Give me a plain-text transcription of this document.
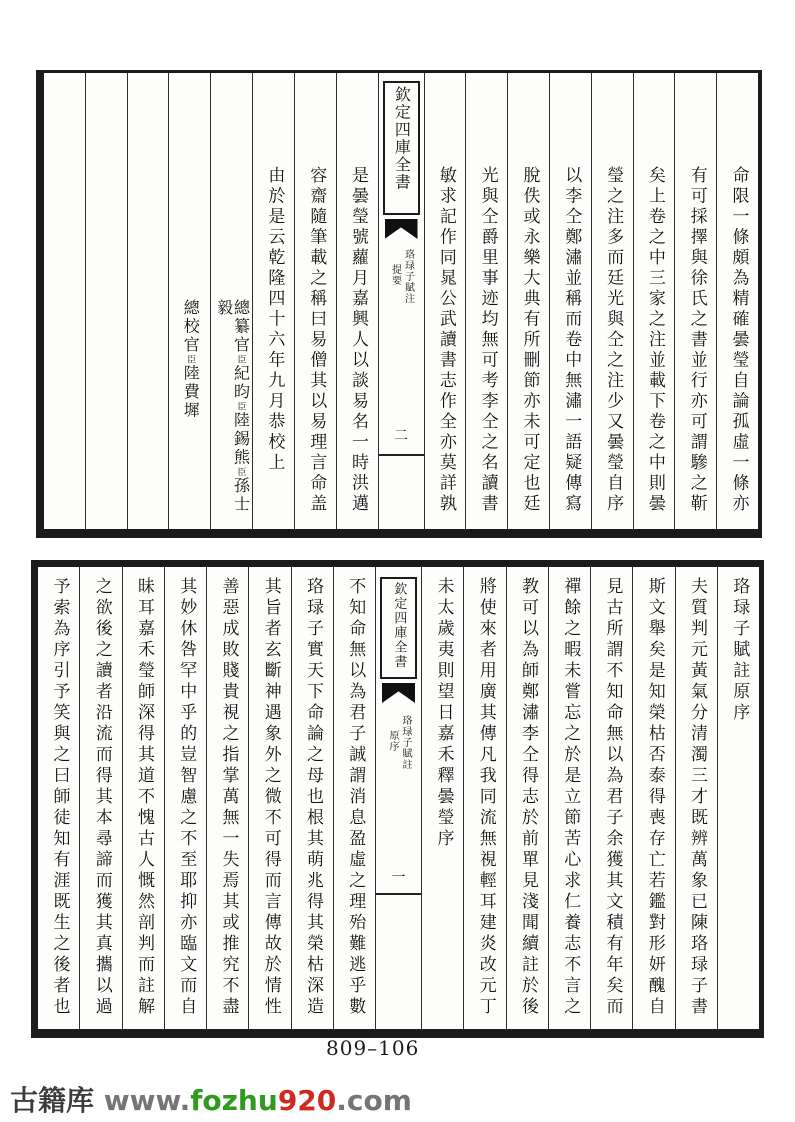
命限一條頗為精確曇瑩自論孤虛一條亦
有可採擇與徐氏之書並行亦可謂驂之靳
矣上卷之中三家之注並載下卷之中則曇
瑩之注多而廷光與仝之注少又曇瑩自序
以李仝鄭潚並稱而卷中無潚一語疑傳寫
脫佚或永樂大典有所刪節亦未可定也廷
光與仝爵里事迹均無可考李仝之名讀書
敏求記作同晁公武讀書志作全亦莫詳孰
欽定四庫全書
珞琭子賦注
提要
二
是曇瑩號蘿月嘉興人以談易名一時洪邁
容齋隨筆載之稱曰易僧其以易理言命盖
由於是云乾隆四十六年九月恭校上
總纂官臣紀昀臣陸錫熊臣孫士毅
總校官臣陸費墀
珞琭子賦註原序
夫質判元黃氣分清濁三才既辨萬象已陳珞琭子書
斯文舉矣是知榮枯否泰得喪存亡若鑑對形妍醜自
見古所謂不知命無以為君子余獲其文積有年矣而
禪餘之暇未嘗忘之於是立節苦心求仁養志不言之
教可以為師鄭潚李仝得志於前單見淺聞續註於後
將使來者用廣其傳凡我同流無視輕耳建炎改元丁
未太歲夷則望日嘉禾釋曇瑩序
欽定四庫全書
珞琭子賦註
原序
一
不知命無以為君子誠謂消息盈虛之理殆難逃乎數
珞琭子實天下命論之母也根其萌兆得其榮枯深造
其旨者玄斷神遇象外之微不可得而言傳故於情性
善惡成敗賤貴視之指掌萬無一失焉其或推究不盡
其妙休咎罕中乎的豈智慮之不至耶抑亦臨文而自
昧耳嘉禾瑩師深得其道不愧古人慨然剖判而註解
之欲後之讀者沿流而得其本尋諦而獲其真攜以過
予索為序引予笑與之曰師徒知有涯既生之後者也
809–106
古籍库 www.fozhu920.com
